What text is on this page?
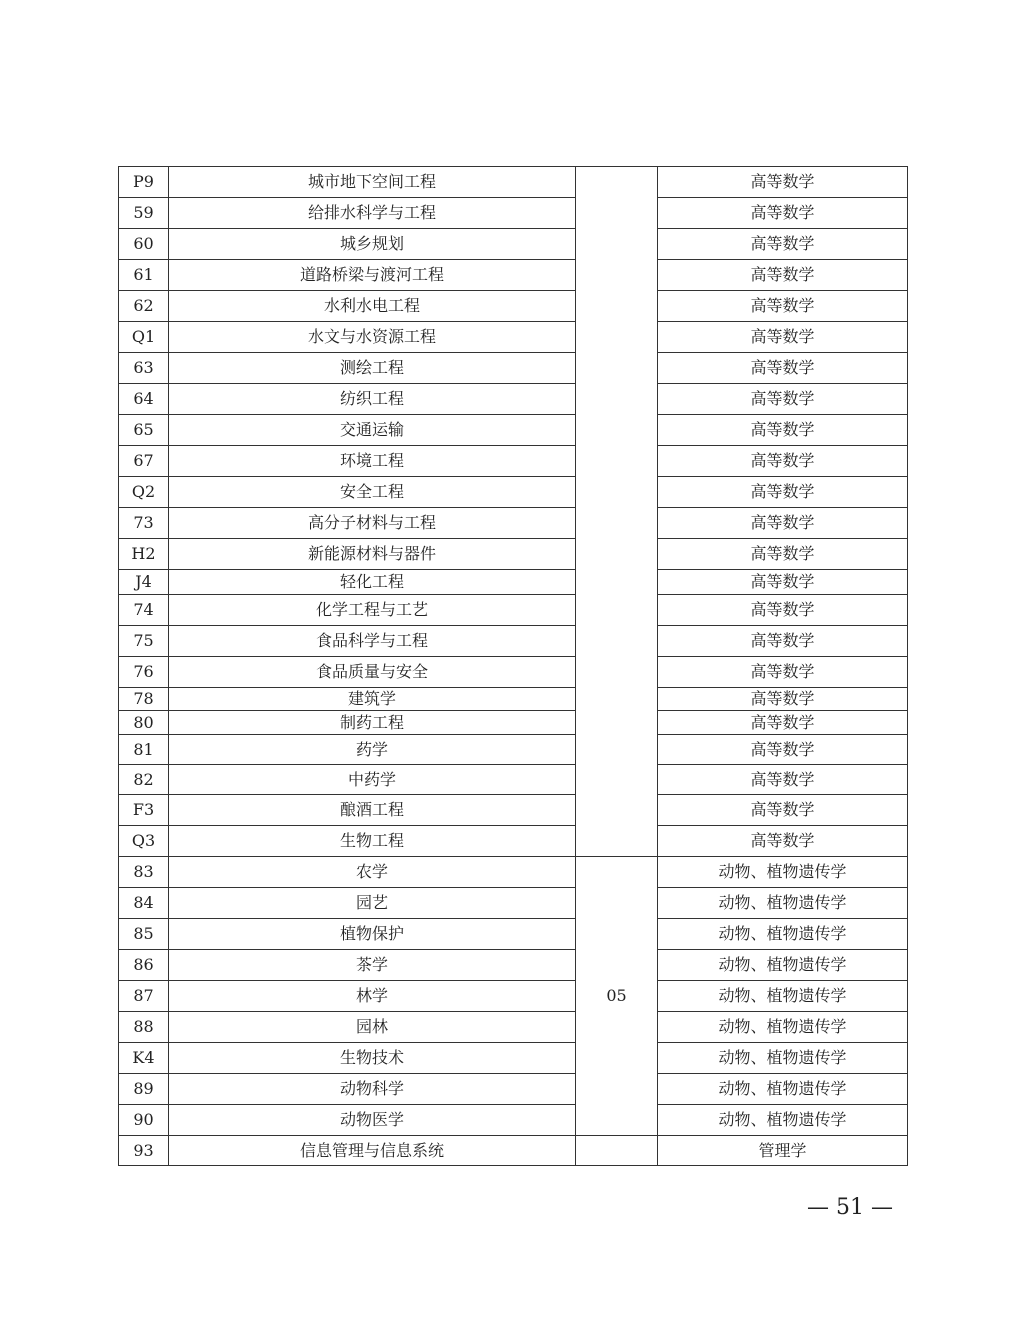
P9	城市地下空间工程		高等数学
59	给排水科学与工程		高等数学
60	城乡规划		高等数学
61	道路桥梁与渡河工程		高等数学
62	水利水电工程		高等数学
Q1	水文与水资源工程		高等数学
63	测绘工程		高等数学
64	纺织工程		高等数学
65	交通运输		高等数学
67	环境工程		高等数学
Q2	安全工程		高等数学
73	高分子材料与工程		高等数学
H2	新能源材料与器件		高等数学
J4	轻化工程		高等数学
74	化学工程与工艺		高等数学
75	食品科学与工程		高等数学
76	食品质量与安全		高等数学
78	建筑学		高等数学
80	制药工程		高等数学
81	药学		高等数学
82	中药学		高等数学
F3	酿酒工程		高等数学
Q3	生物工程		高等数学
83	农学	05	动物、植物遗传学
84	园艺		动物、植物遗传学
85	植物保护		动物、植物遗传学
86	茶学		动物、植物遗传学
87	林学		动物、植物遗传学
88	园林		动物、植物遗传学
K4	生物技术		动物、植物遗传学
89	动物科学		动物、植物遗传学
90	动物医学		动物、植物遗传学
93	信息管理与信息系统		管理学
— 51 —
